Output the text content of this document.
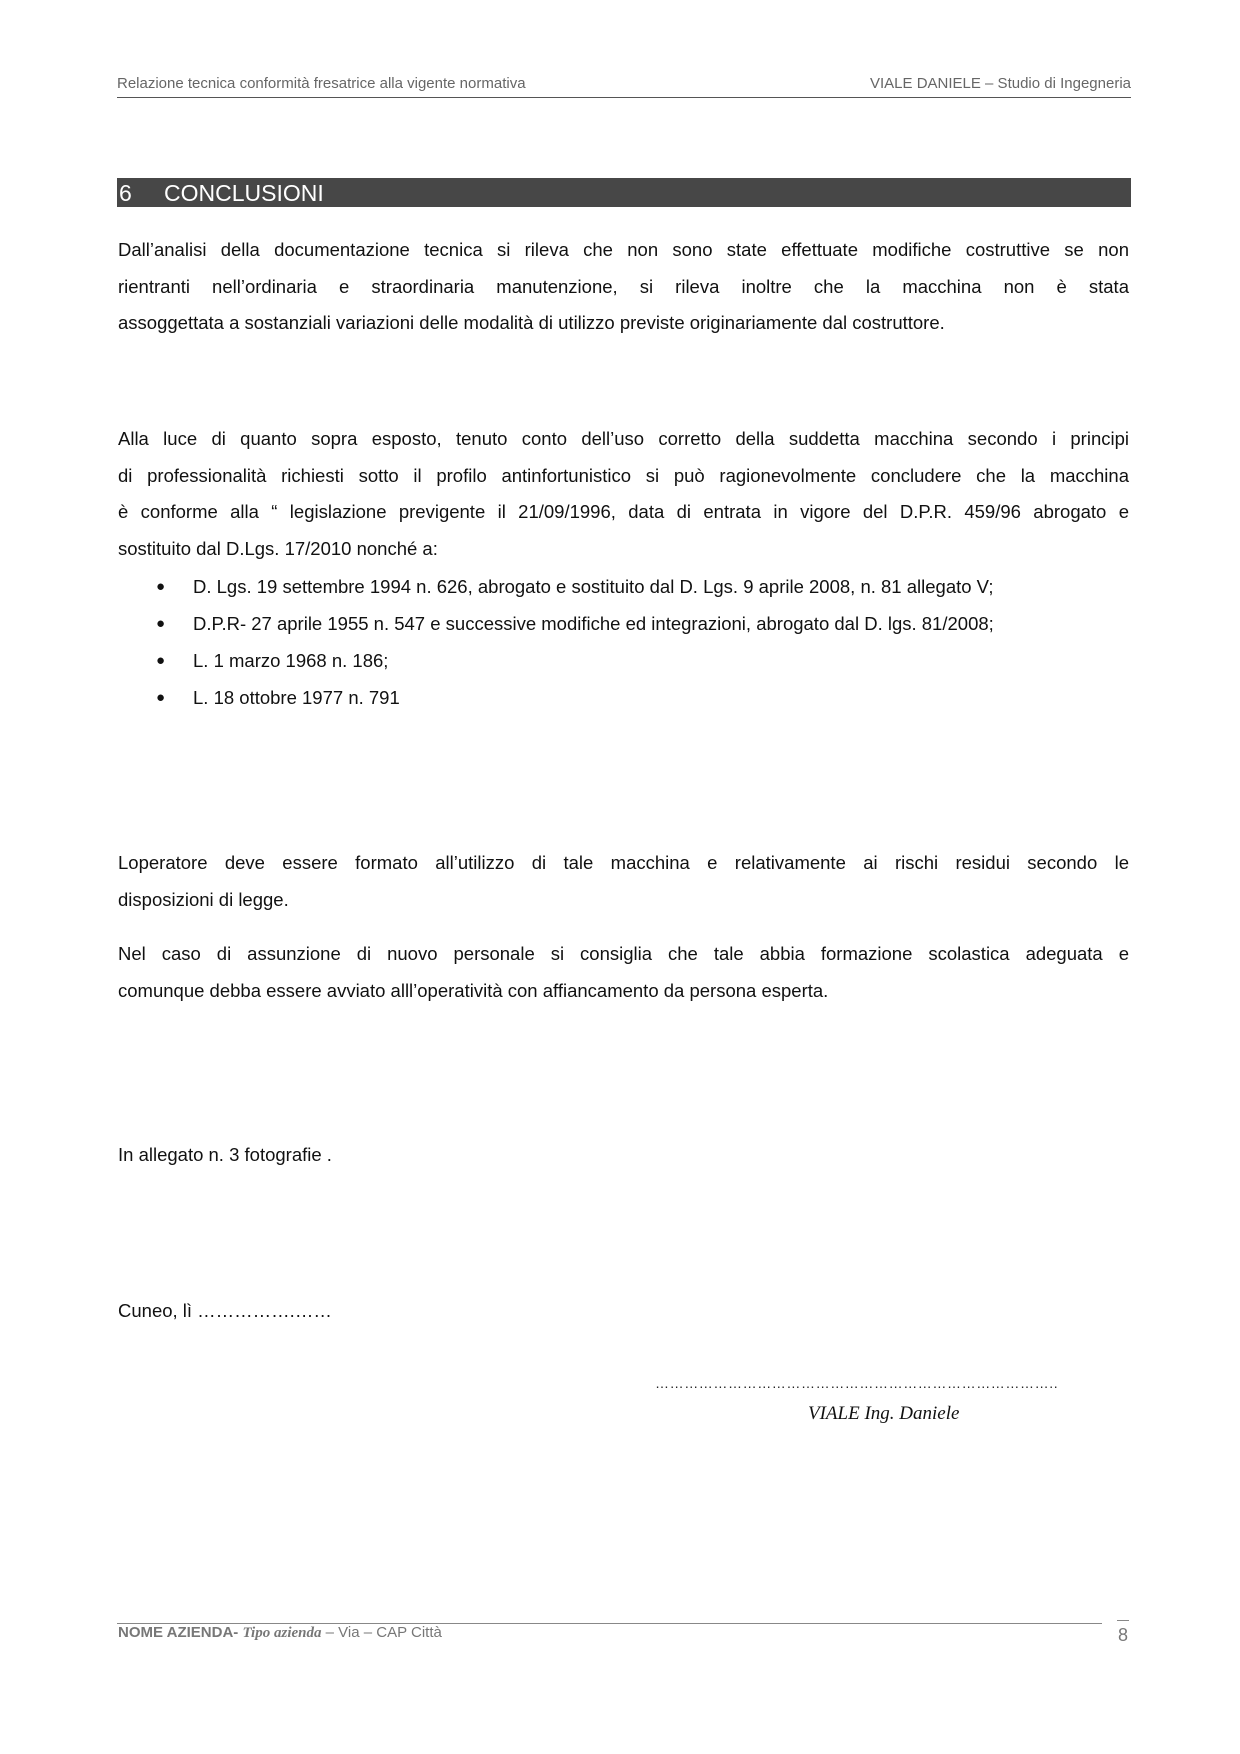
Relazione tecnica conformità fresatrice alla vigente normativa	VIALE DANIELE – Studio di Ingegneria
6 CONCLUSIONI
Dall’analisi della documentazione tecnica si rileva che non sono state effettuate modifiche costruttive se non
rientranti nell’ordinaria e straordinaria manutenzione, si rileva inoltre che la macchina non è stata
assoggettata a sostanziali variazioni delle modalità di utilizzo previste originariamente dal costruttore.
Alla luce di quanto sopra esposto, tenuto conto dell’uso corretto della suddetta macchina secondo i principi
di professionalità richiesti sotto il profilo antinfortunistico si può ragionevolmente concludere che la macchina
è conforme alla “ legislazione previgente il 21/09/1996, data di entrata in vigore del D.P.R. 459/96 abrogato e
sostituito dal D.Lgs. 17/2010 nonché a:
● D. Lgs. 19 settembre 1994 n. 626, abrogato e sostituito dal D. Lgs. 9 aprile 2008, n. 81 allegato V;
● D.P.R- 27 aprile 1955 n. 547 e successive modifiche ed integrazioni, abrogato dal D. lgs. 81/2008;
● L. 1 marzo 1968 n. 186;
● L. 18 ottobre 1977 n. 791
Loperatore deve essere formato all’utilizzo di tale macchina e relativamente ai rischi residui secondo le
disposizioni di legge.
Nel caso di assunzione di nuovo personale si consiglia che tale abbia formazione scolastica adeguata e
comunque debba essere avviato alll’operatività con affiancamento da persona esperta.
In allegato n. 3 fotografie .
Cuneo, lì …………….……
………………………………………………………………………..
VIALE Ing. Daniele
NOME AZIENDA- Tipo azienda – Via – CAP Città	8
